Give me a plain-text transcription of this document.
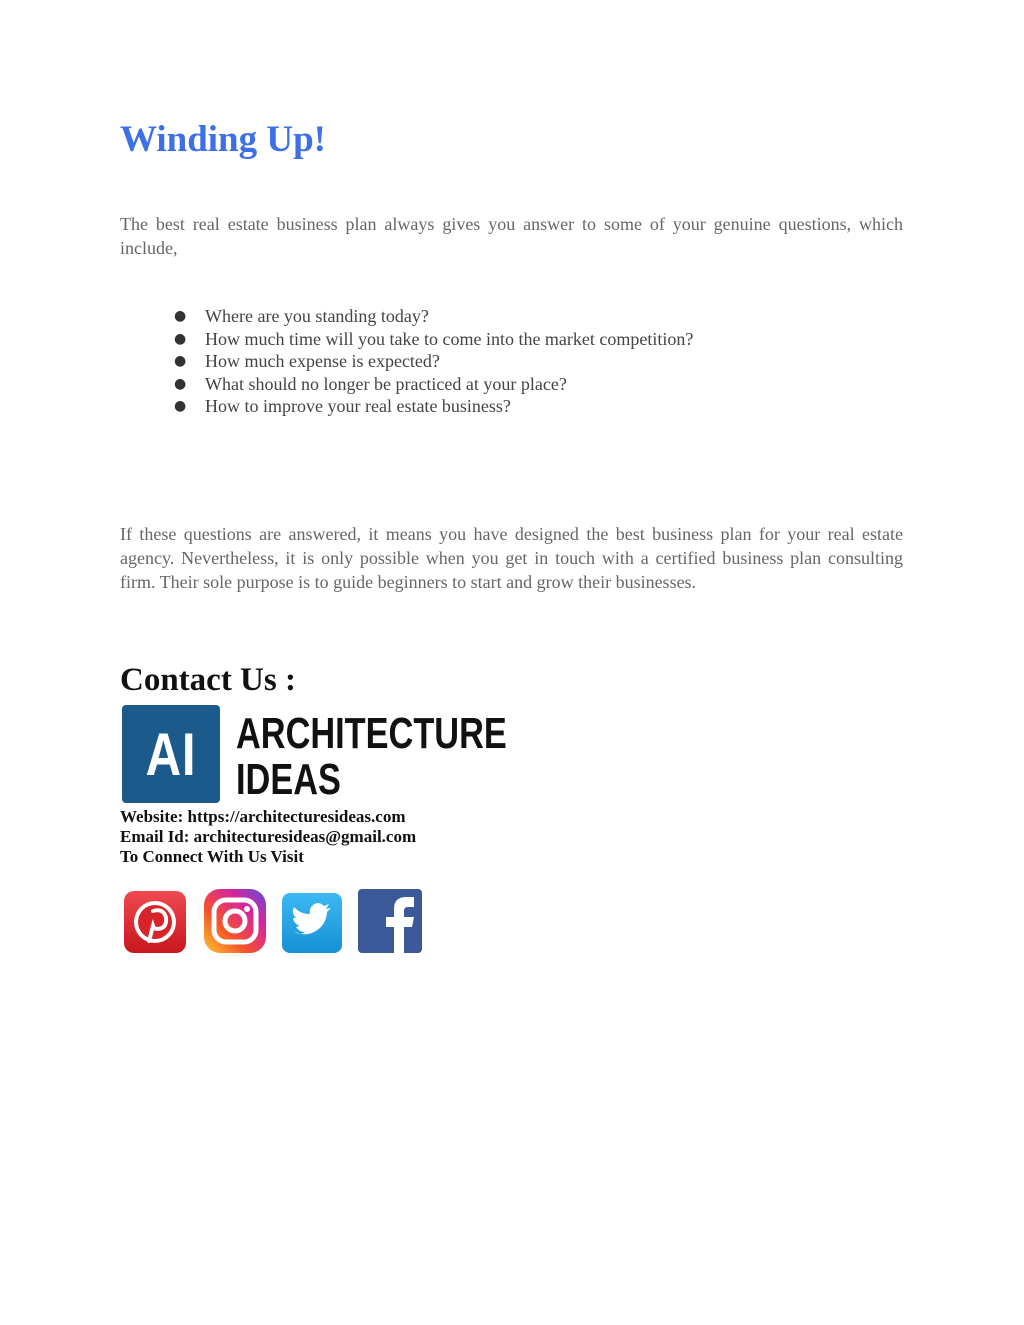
Winding Up!

The best real estate business plan always gives you answer to some of your genuine questions, which include,

● Where are you standing today?
● How much time will you take to come into the market competition?
● How much expense is expected?
● What should no longer be practiced at your place?
● How to improve your real estate business?

If these questions are answered, it means you have designed the best business plan for your real estate agency. Nevertheless, it is only possible when you get in touch with a certified business plan consulting firm. Their sole purpose is to guide beginners to start and grow their businesses.

Contact Us :
AI ARCHITECTURE
IDEAS
Website: https://architecturesideas.com
Email Id: architecturesideas@gmail.com
To Connect With Us Visit
